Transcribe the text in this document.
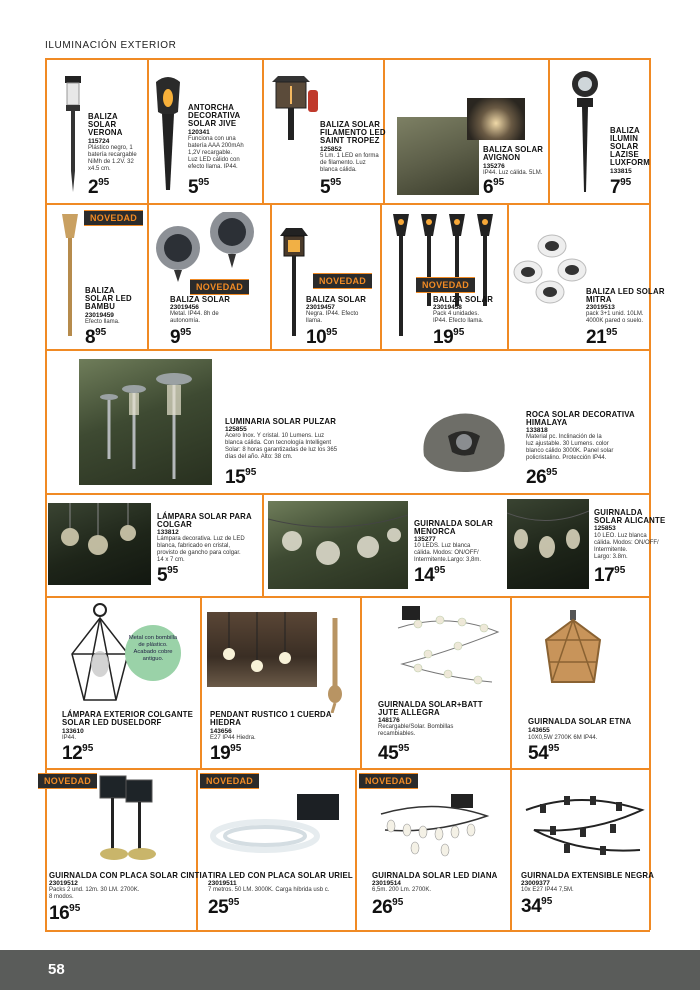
ILUMINACIÓN EXTERIOR
BALIZA
SOLAR
VERONA
115724
Plástico negro, 1
batería recargable
NiMh de 1.2V. 32
x4.5 cm.
$2^{95}$
ANTORCHA
DECORATIVA
SOLAR JIVE
120341
Funciona con una
batería AAA 200mAh
1,2V recargable.
Luz LED cálido con
efecto llama. IP44.
$5^{95}$
BALIZA SOLAR
FILAMENTO LED
SAINT TROPEZ
125852
5 Lm. 1 LED en forma
de filamento. Luz
blanca cálida.
$5^{95}$
BALIZA SOLAR
AVIGNON
135276
IP44. Luz cálida. 5LM.
$6^{95}$
BALIZA
ILUMIN
SOLAR
LAZISE
LUXFORM
133815
$7^{95}$
NOVEDAD
BALIZA
SOLAR LED
BAMBU
23019459
Efecto llama.
$8^{95}$
NOVEDAD
BALIZA SOLAR
23019456
Metal. IP44. 8h de
autonomía.
$9^{95}$
NOVEDAD
BALIZA SOLAR
23019457
Negra. IP44. Efecto
llama.
$10^{95}$
NOVEDAD
BALIZA SOLAR
23019458
Pack 4 unidades.
IP44. Efecto llama.
$19^{95}$
BALIZA LED SOLAR
MITRA
23019513
pack 3+1 unid. 10LM.
4000K pared o suelo.
$21^{95}$
LUMINARIA SOLAR PULZAR
125855
Acero Inox. Y cristal. 10 Lumens. Luz
blanca cálida. Con tecnología Intelligent
Solar: 8 horas garantizadas de luz los 365
días del año. Alto: 38 cm.
$15^{95}$
ROCA SOLAR DECORATIVA
HIMALAYA
133818
Material pc. Inclinación de la
luz ajustable. 30 Lumens. color
blanco cálido 3000K. Panel solar
policristalino. Protección IP44.
$26^{95}$
LÁMPARA SOLAR PARA
COLGAR
133812
Lámpara decorativa. Luz de LED
blanca, fabricado en cristal,
provisto de gancho para colgar.
14 x 7 cm.
$5^{95}$
GUIRNALDA SOLAR
MENORCA
135277
10 LEDS. Luz blanca
cálida. Modos: ON/OFF/
Intermitente.Largo: 3,8m.
$14^{95}$
GUIRNALDA
SOLAR ALICANTE
125853
10 LEO. Luz blanca
cálida. Modos: ON/OFF/
Intermitente.
Largo: 3.8m.
$17^{95}$
Metal con bombilla
de plástico.
Acabado cobre
antiguo.
LÁMPARA EXTERIOR COLGANTE
SOLAR LED DUSELDORF
133610
IP44.
$12^{95}$
PENDANT RUSTICO 1 CUERDA
HIEDRA
143656
E27 IP44 Hiedra.
$19^{95}$
GUIRNALDA SOLAR+BATT
JUTE ALLEGRA
148176
Recargable/Solar. Bombillas
recambiables.
$45^{95}$
GUIRNALDA SOLAR ETNA
143655
10X0,5W 2700K 6M IP44.
$54^{95}$
NOVEDAD
GUIRNALDA CON PLACA SOLAR CINTIA
23019512
Packs 2 und. 12m. 30 LM. 2700K.
8 modos.
$16^{95}$
NOVEDAD
TIRA LED CON PLACA SOLAR URIEL
23019511
7 metros. 50 LM. 3000K. Carga híbrida usb c.
$25^{95}$
NOVEDAD
GUIRNALDA SOLAR LED DIANA
23019514
6,5m. 200 Lm. 2700K.
$26^{95}$
GUIRNALDA EXTENSIBLE NEGRA
23009377
10x E27 IP44 7,5M.
$34^{95}$
58
